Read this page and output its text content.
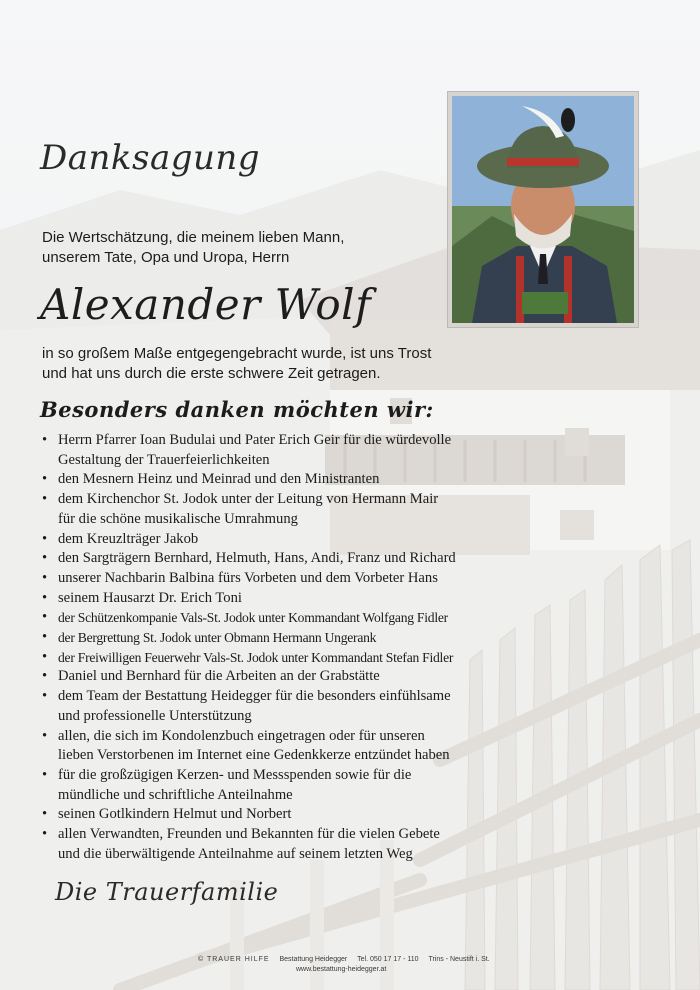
Danksagung
Die Wertschätzung, die meinem lieben Mann,
unserem Tate, Opa und Uropa, Herrn
Alexander Wolf
in so großem Maße entgegengebracht wurde, ist uns Trost
und hat uns durch die erste schwere Zeit getragen.
Besonders danken möchten wir:
• Herrn Pfarrer Ioan Budulai und Pater Erich Geir für die würdevolle
Gestaltung der Trauerfeierlichkeiten
• den Mesnern Heinz und Meinrad und den Ministranten
• dem Kirchenchor St. Jodok unter der Leitung von Hermann Mair
für die schöne musikalische Umrahmung
• dem Kreuzlträger Jakob
• den Sargträgern Bernhard, Helmuth, Hans, Andi, Franz und Richard
• unserer Nachbarin Balbina fürs Vorbeten und dem Vorbeter Hans
• seinem Hausarzt Dr. Erich Toni
• der Schützenkompanie Vals-St. Jodok unter Kommandant Wolfgang Fidler
• der Bergrettung St. Jodok unter Obmann Hermann Ungerank
• der Freiwilligen Feuerwehr Vals-St. Jodok unter Kommandant Stefan Fidler
• Daniel und Bernhard für die Arbeiten an der Grabstätte
• dem Team der Bestattung Heidegger für die besonders einfühlsame
und professionelle Unterstützung
• allen, die sich im Kondolenzbuch eingetragen oder für unseren
lieben Verstorbenen im Internet eine Gedenkkerze entzündet haben
• für die großzügigen Kerzen- und Messspenden sowie für die
mündliche und schriftliche Anteilnahme
• seinen Gotlkindern Helmut und Norbert
• allen Verwandten, Freunden und Bekannten für die vielen Gebete
und die überwältigende Anteilnahme auf seinem letzten Weg
Die Trauerfamilie
© TRAUER HILFE Bestattung Heidegger Tel. 050 17 17 - 110 Trins - Neustift i. St.
www.bestattung-heidegger.at
